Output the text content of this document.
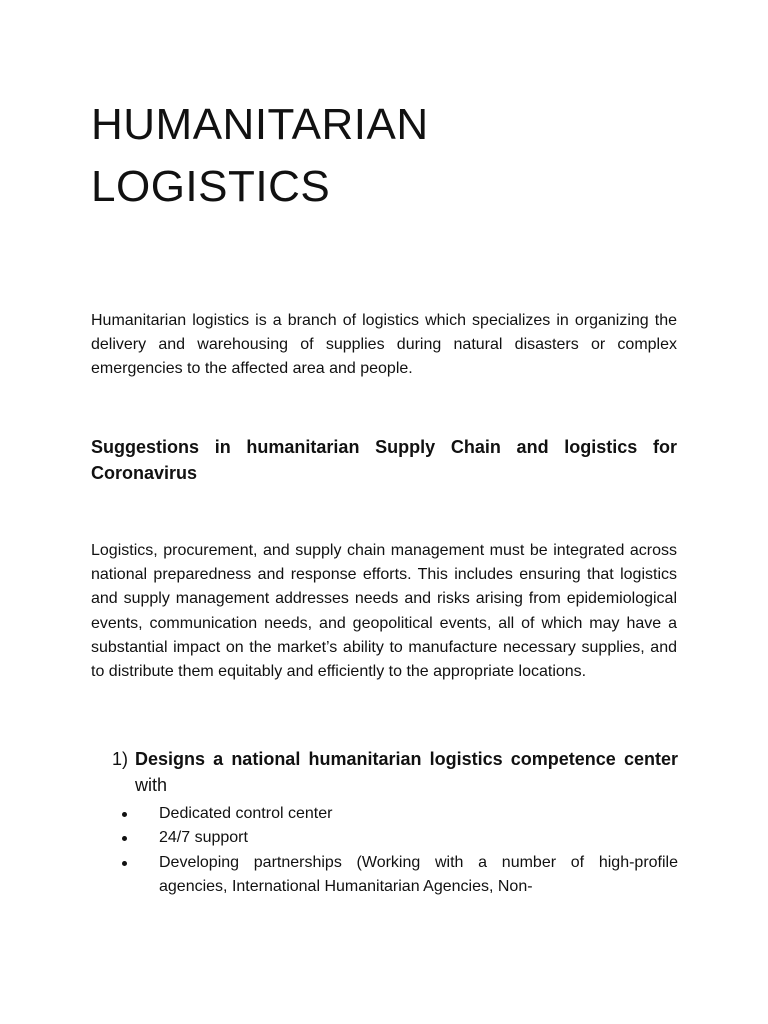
HUMANITARIAN
LOGISTICS

Humanitarian logistics is a branch of logistics which specializes in organizing the delivery and warehousing of supplies during natural disasters or complex emergencies to the affected area and people.

Suggestions in humanitarian Supply Chain and logistics for Coronavirus

Logistics, procurement, and supply chain management must be integrated across national preparedness and response efforts. This includes ensuring that logistics and supply management addresses needs and risks arising from epidemiological events, communication needs, and geopolitical events, all of which may have a substantial impact on the market’s ability to manufacture necessary supplies, and to distribute them equitably and efficiently to the appropriate locations.

1) Designs a national humanitarian logistics competence center with
Dedicated control center
24/7 support
Developing partnerships (Working with a number of high-profile agencies, International Humanitarian Agencies, Non-
